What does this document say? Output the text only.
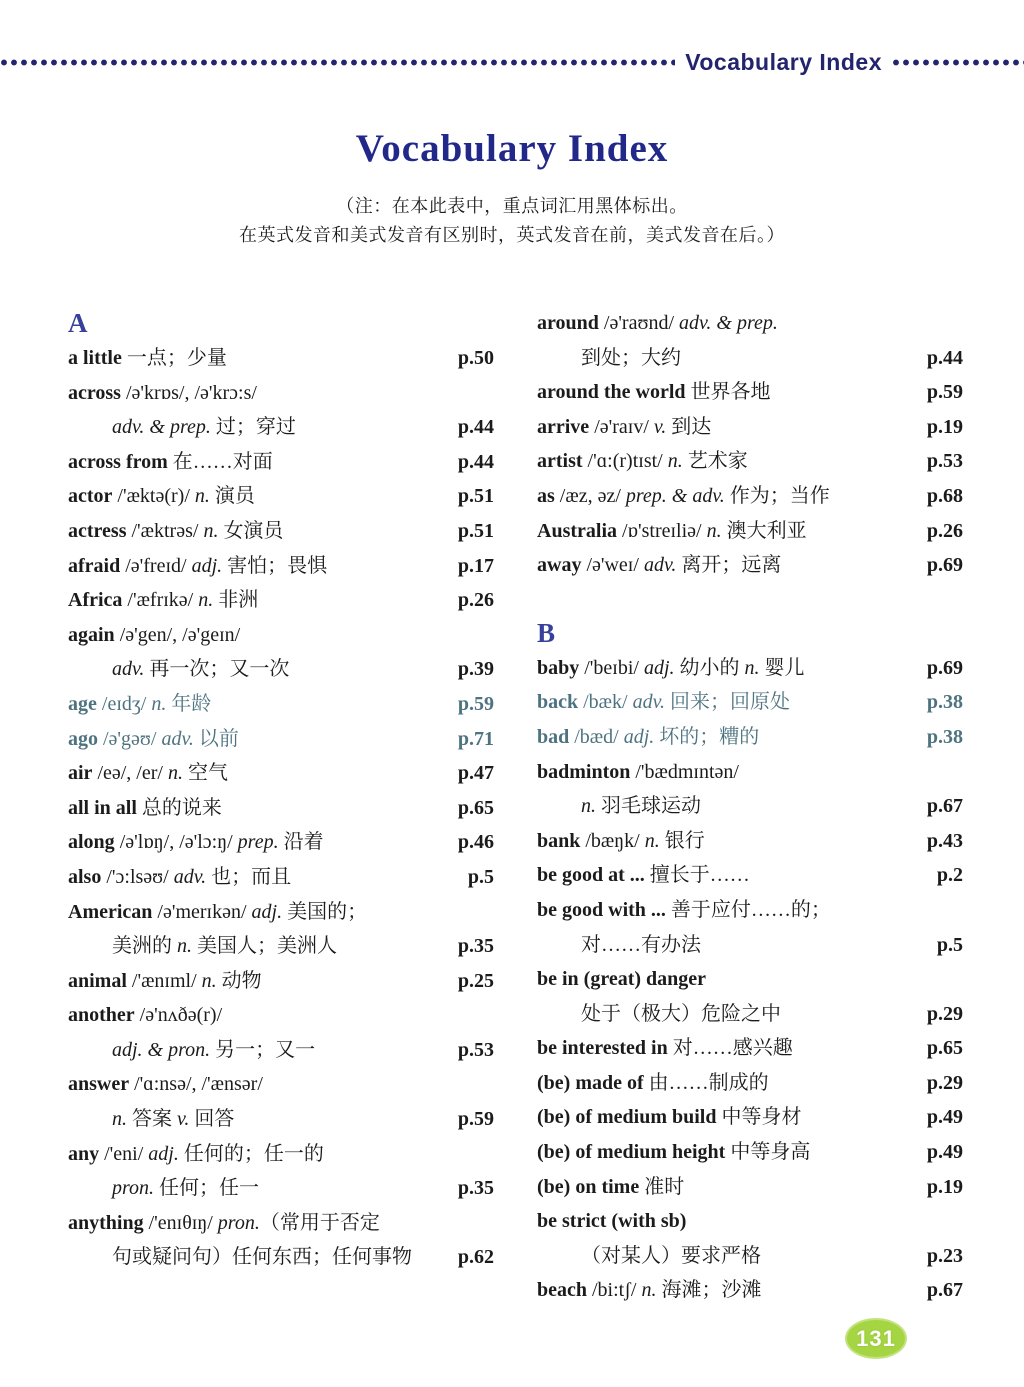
Vocabulary Index
Vocabulary Index
（注：在本此表中，重点词汇用黑体标出。
在英式发音和美式发音有区别时，英式发音在前，美式发音在后。）
A
a little 一点；少量	p.50
across /ə'krɒs/, /ə'krɔ:s/
adv. & prep. 过；穿过	p.44
across from 在……对面	p.44
actor /'æktə(r)/ n. 演员	p.51
actress /'æktrəs/ n. 女演员	p.51
afraid /ə'freɪd/ adj. 害怕；畏惧	p.17
Africa /'æfrɪkə/ n. 非洲	p.26
again /ə'gen/, /ə'geɪn/
adv. 再一次；又一次	p.39
age /eɪdʒ/ n. 年龄	p.59
ago /ə'gəʊ/ adv. 以前	p.71
air /eə/, /er/ n. 空气	p.47
all in all 总的说来	p.65
along /ə'lɒŋ/, /ə'lɔ:ŋ/ prep. 沿着	p.46
also /'ɔ:lsəʊ/ adv. 也；而且	p.5
American /ə'merɪkən/ adj. 美国的；
美洲的 n. 美国人；美洲人	p.35
animal /'ænɪml/ n. 动物	p.25
another /ə'nʌðə(r)/
adj. & pron. 另一；又一	p.53
answer /'ɑ:nsə/, /'ænsər/
n. 答案 v. 回答	p.59
any /'eni/ adj. 任何的；任一的
pron. 任何；任一	p.35
anything /'enɪθɪŋ/ pron.（常用于否定
句或疑问句）任何东西；任何事物	p.62
around /ə'raʊnd/ adv. & prep.
到处；大约	p.44
around the world 世界各地	p.59
arrive /ə'raɪv/ v. 到达	p.19
artist /'ɑ:(r)tɪst/ n. 艺术家	p.53
as /æz, əz/ prep. & adv. 作为；当作	p.68
Australia /ɒ'streɪliə/ n. 澳大利亚	p.26
away /ə'weɪ/ adv. 离开；远离	p.69
B
baby /'beɪbi/ adj. 幼小的 n. 婴儿	p.69
back /bæk/ adv. 回来；回原处	p.38
bad /bæd/ adj. 坏的；糟的	p.38
badminton /'bædmɪntən/
n. 羽毛球运动	p.67
bank /bæŋk/ n. 银行	p.43
be good at ... 擅长于……	p.2
be good with ... 善于应付……的；
对……有办法	p.5
be in (great) danger
处于（极大）危险之中	p.29
be interested in 对……感兴趣	p.65
(be) made of 由……制成的	p.29
(be) of medium build 中等身材	p.49
(be) of medium height 中等身高	p.49
(be) on time 准时	p.19
be strict (with sb)
（对某人）要求严格	p.23
beach /bi:tʃ/ n. 海滩；沙滩	p.67
131
